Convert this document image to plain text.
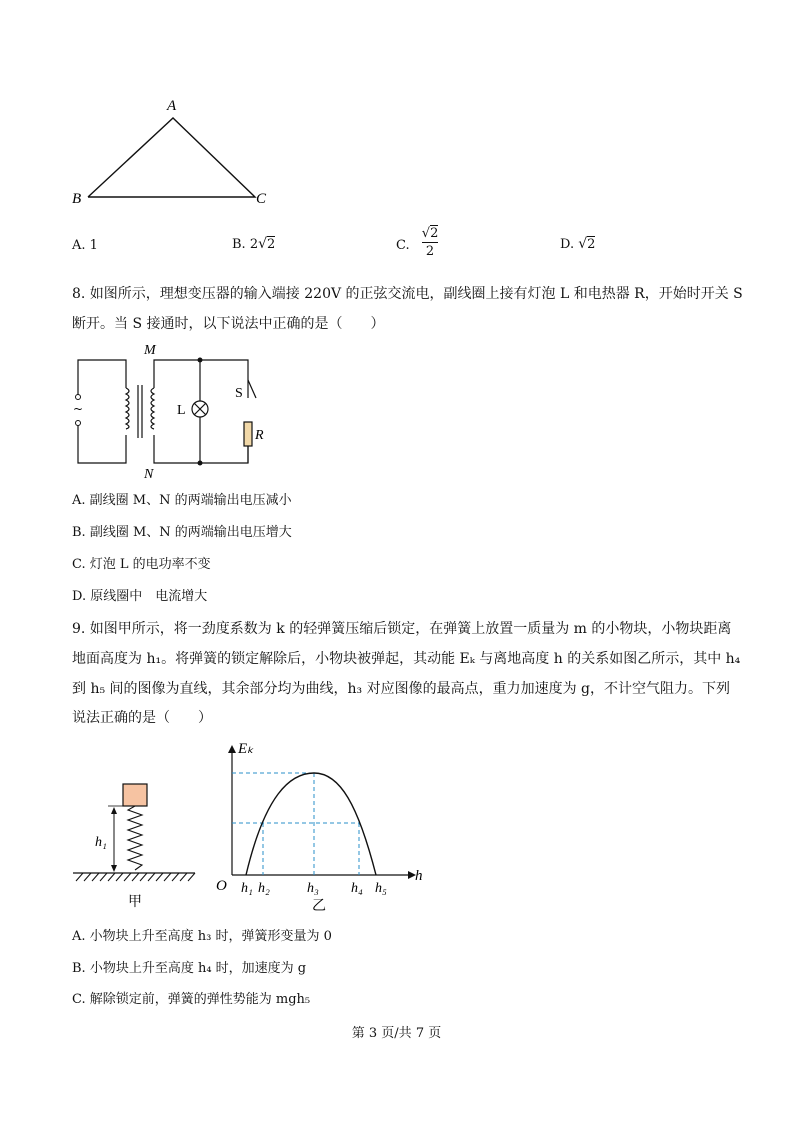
A
B	C
A. 1	B. 2√2	C. $\frac{√2}{2}$	D. √2
8. 如图所示，理想变压器的输入端接 220V 的正弦交流电，副线圈上接有灯泡 L 和电热器 R，开始时开关 S
断开。当 S 接通时，以下说法中正确的是（　　）
~
M
N
L
S
R
A. 副线圈 M、N 的两端输出电压减小
B. 副线圈 M、N 的两端输出电压增大
C. 灯泡 L 的电功率不变
D. 原线圈中　电流增大
9. 如图甲所示，将一劲度系数为 k 的轻弹簧压缩后锁定，在弹簧上放置一质量为 m 的小物块，小物块距离
地面高度为 h₁。将弹簧的锁定解除后，小物块被弹起，其动能 Eₖ 与离地高度 h 的关系如图乙所示，其中 h₄
到 h₅ 间的图像为直线，其余部分均为曲线，h₃ 对应图像的最高点，重力加速度为 g，不计空气阻力。下列
说法正确的是（　　）
h₁
甲
Eₖ
h
O h₁ h₂	h₃ h₄ h₅
乙
A. 小物块上升至高度 h₃ 时，弹簧形变量为 0
B. 小物块上升至高度 h₄ 时，加速度为 g
C. 解除锁定前，弹簧的弹性势能为 mgh₅
第 3 页/共 7 页
